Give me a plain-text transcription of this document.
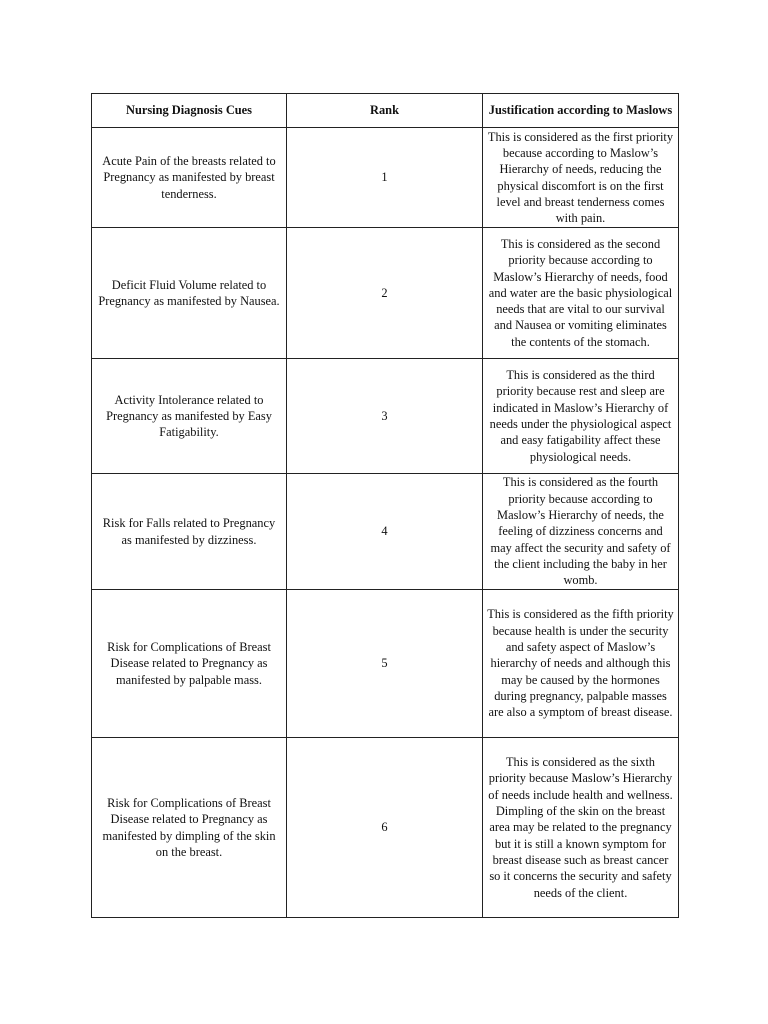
Nursing Diagnosis Cues	Rank	Justification according to Maslows
Acute Pain of the breasts related to Pregnancy as manifested by breast tenderness.	1	This is considered as the first priority because according to Maslow’s Hierarchy of needs, reducing the physical discomfort is on the first level and breast tenderness comes with pain.
Deficit Fluid Volume related to Pregnancy as manifested by Nausea.	2	This is considered as the second priority because according to Maslow’s Hierarchy of needs, food and water are the basic physiological needs that are vital to our survival and Nausea or vomiting eliminates the contents of the stomach.
Activity Intolerance related to Pregnancy as manifested by Easy Fatigability.	3	This is considered as the third priority because rest and sleep are indicated in Maslow’s Hierarchy of needs under the physiological aspect and easy fatigability affect these physiological needs.
Risk for Falls related to Pregnancy as manifested by dizziness.	4	This is considered as the fourth priority because according to Maslow’s Hierarchy of needs, the feeling of dizziness concerns and may affect the security and safety of the client including the baby in her womb.
Risk for Complications of Breast Disease related to Pregnancy as manifested by palpable mass.	5	This is considered as the fifth priority because health is under the security and safety aspect of Maslow’s hierarchy of needs and although this may be caused by the hormones during pregnancy, palpable masses are also a symptom of breast disease.
Risk for Complications of Breast Disease related to Pregnancy as manifested by dimpling of the skin on the breast.	6	This is considered as the sixth priority because Maslow’s Hierarchy of needs include health and wellness. Dimpling of the skin on the breast area may be related to the pregnancy but it is still a known symptom for breast disease such as breast cancer so it concerns the security and safety needs of the client.
